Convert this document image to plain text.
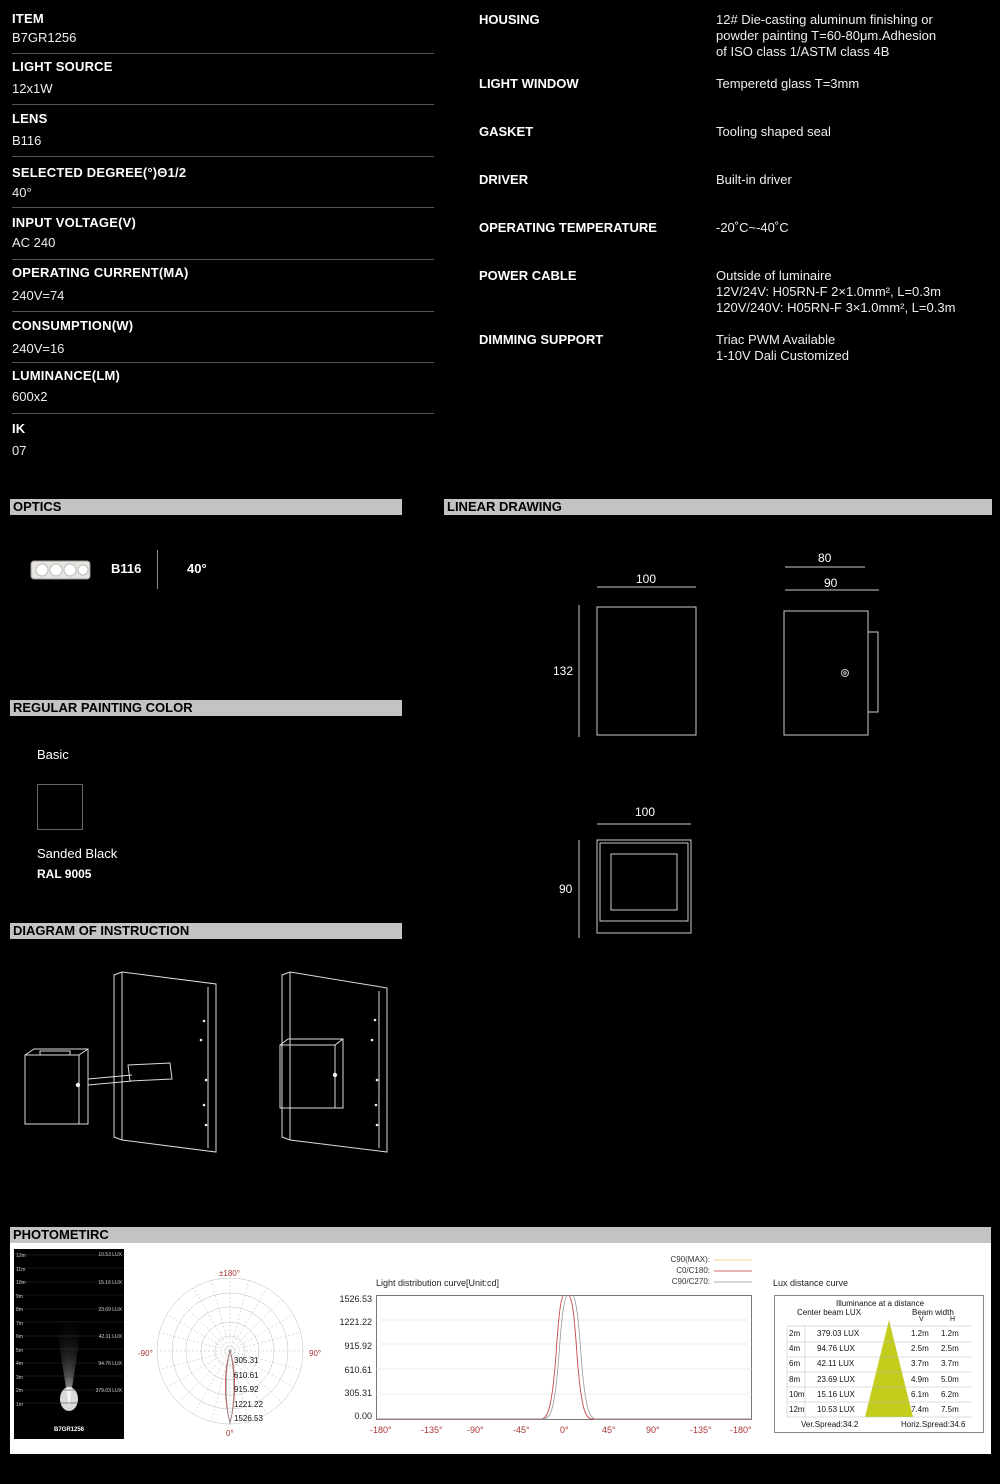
ITEM
B7GR1256
LIGHT SOURCE
12x1W
LENS
B116
SELECTED DEGREE(°)Θ1/2
40°
INPUT VOLTAGE(V)
AC 240
OPERATING CURRENT(MA)
240V=74
CONSUMPTION(W)
240V=16
LUMINANCE(LM)
600x2
IK
07
HOUSING	12# Die-casting aluminum finishing or
powder painting T=60-80μm.Adhesion
of ISO class 1/ASTM class 4B
LIGHT WINDOW	Temperetd glass T=3mm
GASKET	Tooling shaped seal
DRIVER	Built-in driver
OPERATING TEMPERATURE	-20˚C~-40˚C
POWER CABLE	Outside of luminaire
12V/24V: H05RN-F 2×1.0mm², L=0.3m
120V/240V: H05RN-F 3×1.0mm², L=0.3m
DIMMING SUPPORT	Triac PWM Available
1-10V Dali Customized
OPTICS	LINEAR DRAWING
REGULAR PAINTING COLOR
DIAGRAM OF INSTRUCTION
PHOTOMETIRC
B116	40°
Basic
Sanded Black
RAL 9005
100
132
80
90
100
90
12m
11m
10m
9m
8m
7m
6m
5m
4m
3m
2m
1m
10.53 LUX
15.16 LUX
23.69 LUX
42.11 LUX
94.76 LUX
379.03 LUX
B7GR1256
±180°
-90°	90°
0°
305.31
610.61
915.92
1221.22
1526.53
C90(MAX):
C0/C180:
C90/C270:
Light distribution curve[Unit:cd]
1526.53
1221.22
915.92
610.61
305.31
0.00
-180°	-135°	-90°	-45°	0°	45°	90°	-135° -180°
Lux distance curve
Illuminance at a distance
Center beam LUX	Beam width
V	H
2m 379.03 LUX	1.2m 1.2m
4m 94.76 LUX	2.5m 2.5m
6m 42.11 LUX	3.7m 3.7m
8m 23.69 LUX	4.9m 5.0m
10m 15.16 LUX	6.1m 6.2m
12m 10.53 LUX	7.4m 7.5m
Ver.Spread:34.2	Horiz.Spread:34.6
